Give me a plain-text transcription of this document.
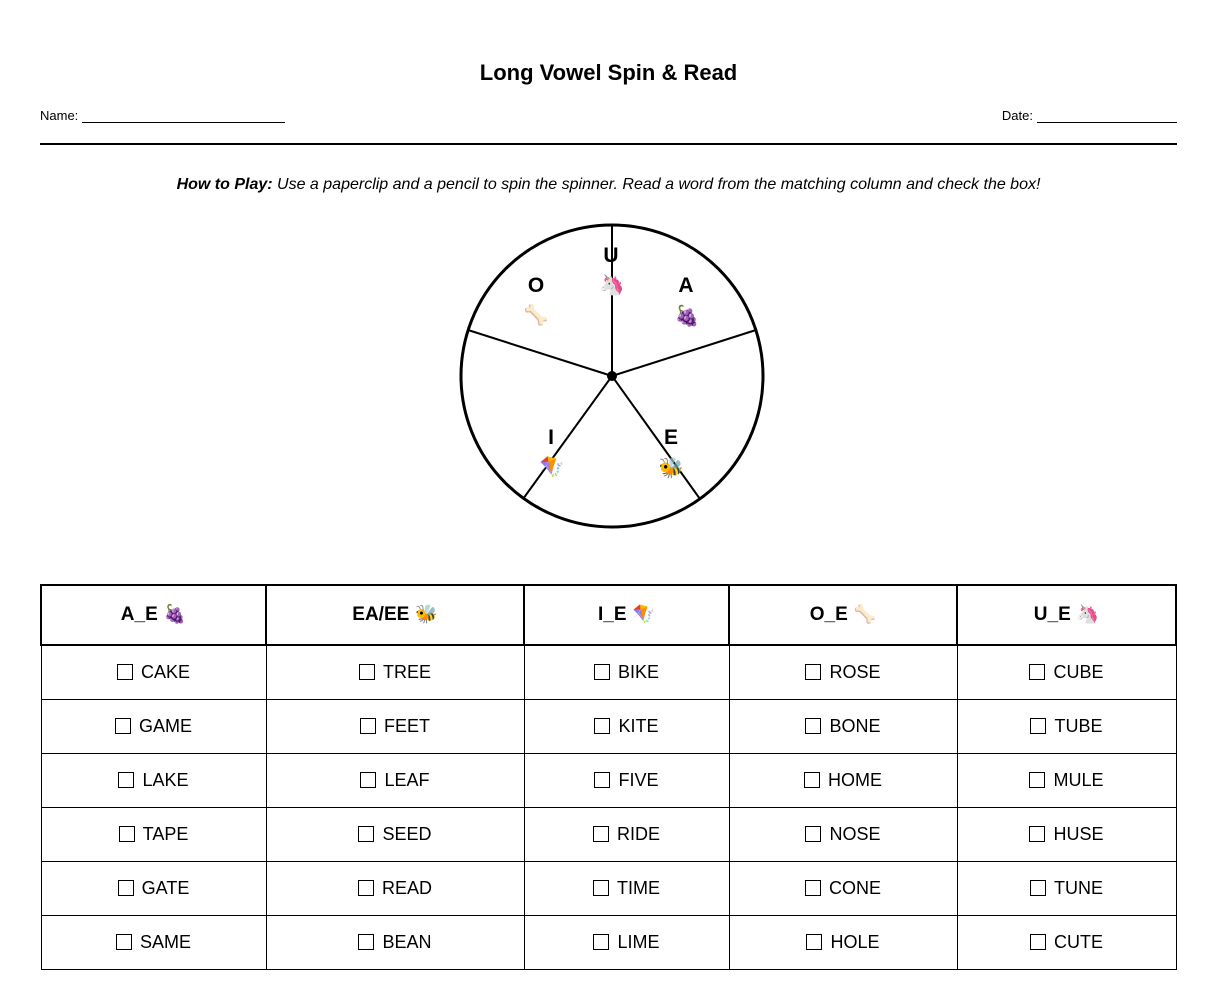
Long Vowel Spin & Read
Name:	Date:
How to Play: Use a paperclip and a pencil to spin the spinner. Read a word from the matching column and check the box!
U
🦄	A
🍇
E
🐝
I
🪁
O
🦴
A_E 🍇	EA/EE 🐝	I_E 🪁	O_E 🦴	U_E 🦄
CAKE	TREE	BIKE	ROSE	CUBE
GAME	FEET	KITE	BONE	TUBE
LAKE	LEAF	FIVE	HOME	MULE
TAPE	SEED	RIDE	NOSE	HUSE
GATE	READ	TIME	CONE	TUNE
SAME	BEAN	LIME	HOLE	CUTE
